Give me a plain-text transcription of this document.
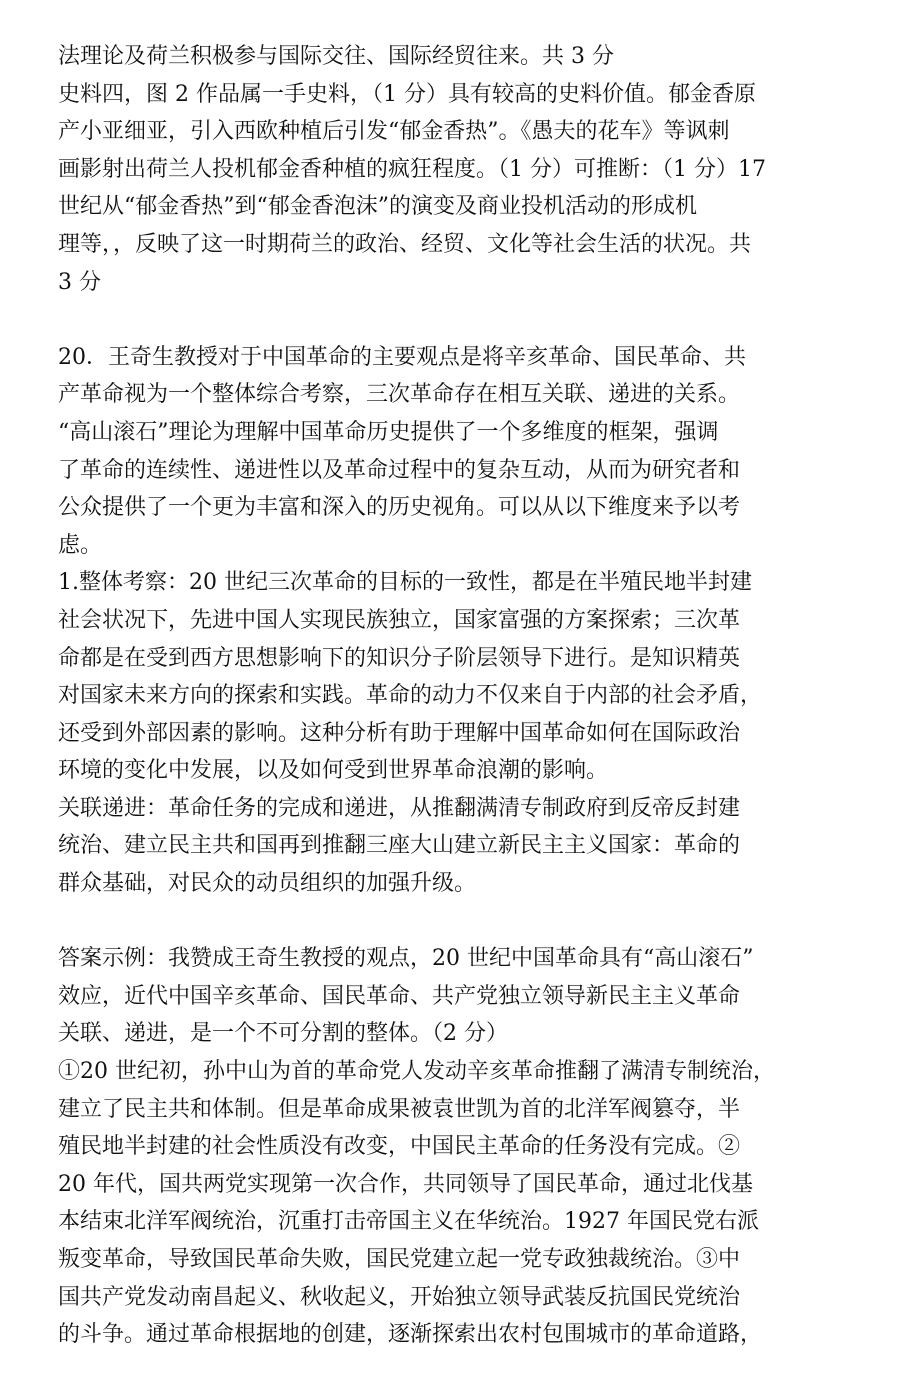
法理论及荷兰积极参与国际交往、国际经贸往来。共 3 分
史料四，图 2 作品属一手史料，（1 分）具有较高的史料价值。郁金香原
产小亚细亚，引入西欧种植后引发“郁金香热”。《愚夫的花车》等讽刺
画影射出荷兰人投机郁金香种植的疯狂程度。（1 分）可推断：（1 分）17
世纪从“郁金香热”到“郁金香泡沫”的演变及商业投机活动的形成机
理等，，反映了这一时期荷兰的政治、经贸、文化等社会生活的状况。共
3 分
20．王奇生教授对于中国革命的主要观点是将辛亥革命、国民革命、共
产革命视为一个整体综合考察，三次革命存在相互关联、递进的关系。
“高山滚石”理论为理解中国革命历史提供了一个多维度的框架，强调
了革命的连续性、递进性以及革命过程中的复杂互动，从而为研究者和
公众提供了一个更为丰富和深入的历史视角。可以从以下维度来予以考
虑。
1.整体考察：20 世纪三次革命的目标的一致性，都是在半殖民地半封建
社会状况下，先进中国人实现民族独立，国家富强的方案探索；三次革
命都是在受到西方思想影响下的知识分子阶层领导下进行。是知识精英
对国家未来方向的探索和实践。革命的动力不仅来自于内部的社会矛盾，
还受到外部因素的影响。这种分析有助于理解中国革命如何在国际政治
环境的变化中发展，以及如何受到世界革命浪潮的影响。
关联递进：革命任务的完成和递进，从推翻满清专制政府到反帝反封建
统治、建立民主共和国再到推翻三座大山建立新民主主义国家：革命的
群众基础，对民众的动员组织的加强升级。
答案示例：我赞成王奇生教授的观点，20 世纪中国革命具有“高山滚石”
效应，近代中国辛亥革命、国民革命、共产党独立领导新民主主义革命
关联、递进，是一个不可分割的整体。（2 分）
①20 世纪初，孙中山为首的革命党人发动辛亥革命推翻了满清专制统治，
建立了民主共和体制。但是革命成果被袁世凯为首的北洋军阀篡夺，半
殖民地半封建的社会性质没有改变，中国民主革命的任务没有完成。②
20 年代，国共两党实现第一次合作，共同领导了国民革命，通过北伐基
本结束北洋军阀统治，沉重打击帝国主义在华统治。1927 年国民党右派
叛变革命，导致国民革命失败，国民党建立起一党专政独裁统治。③中
国共产党发动南昌起义、秋收起义，开始独立领导武装反抗国民党统治
的斗争。通过革命根据地的创建，逐渐探索出农村包围城市的革命道路，
